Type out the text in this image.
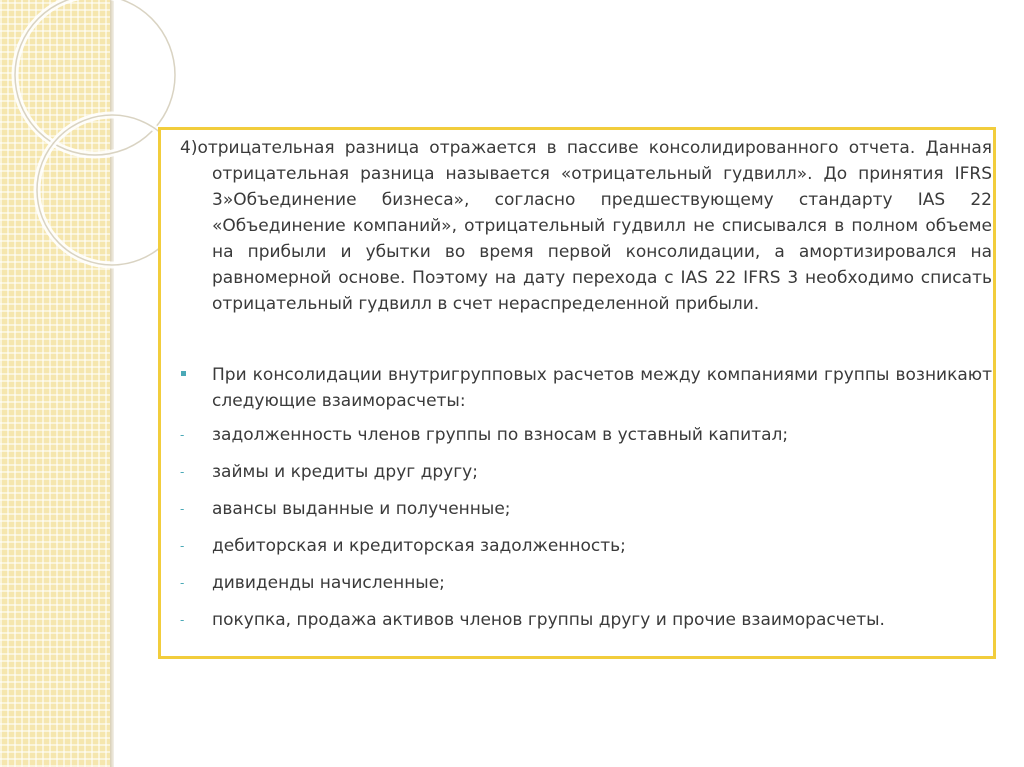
4)отрицательная разница отражается в пассиве консолидированного отчета. Данная отрицательная разница называется «отрицательный гудвилл». До принятия IFRS 3»Объединение бизнеса», согласно предшествующему стандарту IAS 22 «Объединение компаний», отрицательный гудвилл не списывался в полном объеме на прибыли и убытки во время первой консолидации, а амортизировался на равномерной основе. Поэтому на дату перехода с IAS 22 IFRS 3 необходимо списать отрицательный гудвилл в счет нераспределенной прибыли.
При консолидации внутригрупповых расчетов между компаниями группы возникают следующие взаиморасчеты:
-	задолженность членов группы по взносам в уставный капитал;
-	займы и кредиты друг другу;
-	авансы выданные и полученные;
-	дебиторская и кредиторская задолженность;
-	дивиденды начисленные;
-	покупка, продажа активов членов группы другу и прочие взаиморасчеты.
